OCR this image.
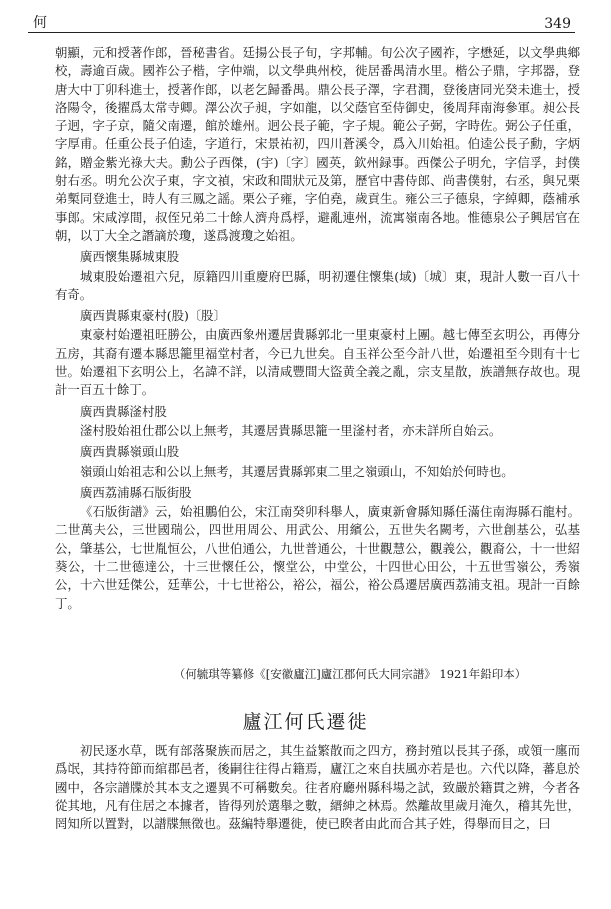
何	349

朝顯，元和授著作郎，晉秘書省。廷揚公長子旬，字邦輔。旬公次子國祚，字懋延，以文學典鄉校，壽逾百歲。國祚公子楷，字仲端，以文學典州校，徙居番禺清水里。楷公子鼎，字邦器，登唐大中丁卯科進士，授著作郎，以老乞歸番禺。鼎公長子澤，字君潤，登後唐同光癸未進士，授洛陽令，後擢爲太常寺卿。澤公次子昶，字如龍，以父蔭官至侍御史，後周拜南海參軍。昶公長子迥，字子京，隨父南遷，館於雄州。迥公長子範，字子規。範公子弼，字時佐。弼公子任重，字厚甫。任重公長子伯逵，字道行，宋景祐初，四川蒼溪令，爲入川始祖。伯逵公長子勳，字炳銘，贈金紫光祿大夫。勳公子西傑，(宇)〔字〕國英，欽州録事。西傑公子明允，字信孚，封僕射右丞。明允公次子東，字文禎，宋政和間狀元及第，歷官中書侍郎、尚書僕射，右丞，與兄栗弟槧同登進士，時人有三鳳之謡。栗公子雍，字伯堯，歲貢生。雍公三子德泉，字綽卿，蔭補承事郎。宋咸淳間，叔侄兄弟二十餘人濟舟爲桴，避亂連州，流寓嶺南各地。惟德泉公子興居官在朝，以丁大全之譖謫於瓊，遂爲渡瓊之始祖。

廣西懷集縣城東股

城東股始遷祖六兒，原籍四川重慶府巴縣，明初遷住懷集(域)〔城〕東，現計人數一百八十有奇。

廣西貴縣東豪村(股)〔股〕

東豪村始遷祖旺勝公，由廣西象州遷居貴縣郭北一里東豪村上團。越七傳至玄明公，再傳分五房，其裔有遷本縣思籠里福堂村者，今已九世矣。自玉祥公至今計八世，始遷祖至今則有十七世。始遷祖下玄明公上，名諱不詳，以清咸豐間大盜黄全義之亂，宗支星散，族譜無存故也。現計一百五十餘丁。

廣西貴縣滏村股

滏村股始祖仕郡公以上無考，其遷居貴縣思籠一里滏村者，亦未詳所自始云。

廣西貴縣嶺頭山股

嶺頭山始祖志和公以上無考，其遷居貴縣郭東二里之嶺頭山，不知始於何時也。

廣西荔浦縣石版街股

《石版街譜》云，始祖鵬伯公，宋江南癸卯科舉人，廣東新會縣知縣任滿住南海縣石龍村。二世萬夫公，三世國瑞公，四世用周公、用武公、用繽公，五世失名闕考，六世創基公，弘基公，肇基公，七世胤恒公，八世伯通公，九世普通公，十世觀慧公，觀義公，觀裔公，十一世紹葵公，十二世德達公，十三世懷任公，懷堂公，中堂公，十四世心田公，十五世雪嶺公，秀嶺公，十六世廷傑公，廷華公，十七世裕公，裕公，福公，裕公爲遷居廣西荔浦支祖。現計一百餘丁。

（何毓琪等纂修《[安徽廬江]廬江郡何氏大同宗譜》 1921年鉛印本）
廬江何氏遷徙

初民逐水草，既有部落聚族而居之，其生益繁散而之四方，務封殖以長其子孫，或領一廛而爲氓，其持符節而綰郡邑者，後嗣往往得占籍焉，廬江之來自扶風亦若是也。六代以降，蕃息於國中，各宗譜牒於其本支之遷異不可稱數矣。往者府廳州縣科場之試，致嚴於籍貫之辨，今者各從其地，凡有住居之本據者，皆得列於選舉之數，縉紳之林焉。然離故里歲月淹久，稽其先世，罔知所以置對，以譜牒無徵也。茲編特舉遷徙，使已睽者由此而合其子姓，得舉而目之，曰
